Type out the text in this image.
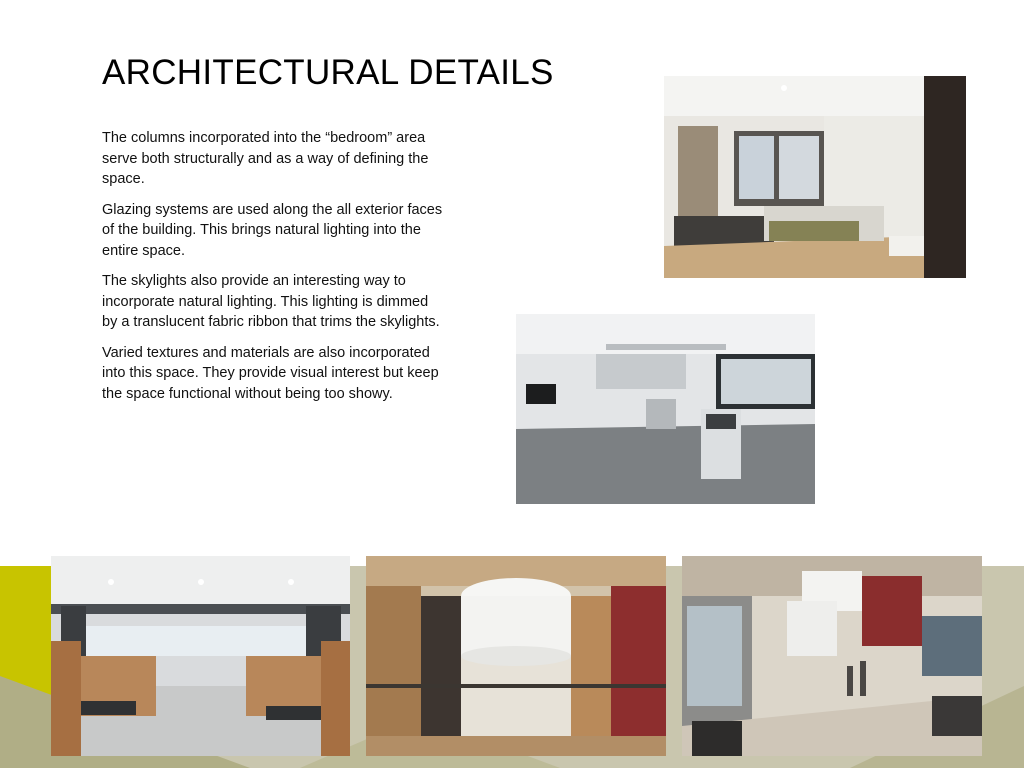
ARCHITECTURAL DETAILS

The columns incorporated into the “bedroom” area serve both structurally and as a way of defining the space.

Glazing systems are used along the all exterior faces of the building. This brings natural lighting into the entire space.

The skylights also provide an interesting way to incorporate natural lighting. This lighting is dimmed by a translucent fabric ribbon that trims the skylights.

Varied textures and materials are also incorporated into this space. They provide visual interest but keep the space functional without being too showy.
